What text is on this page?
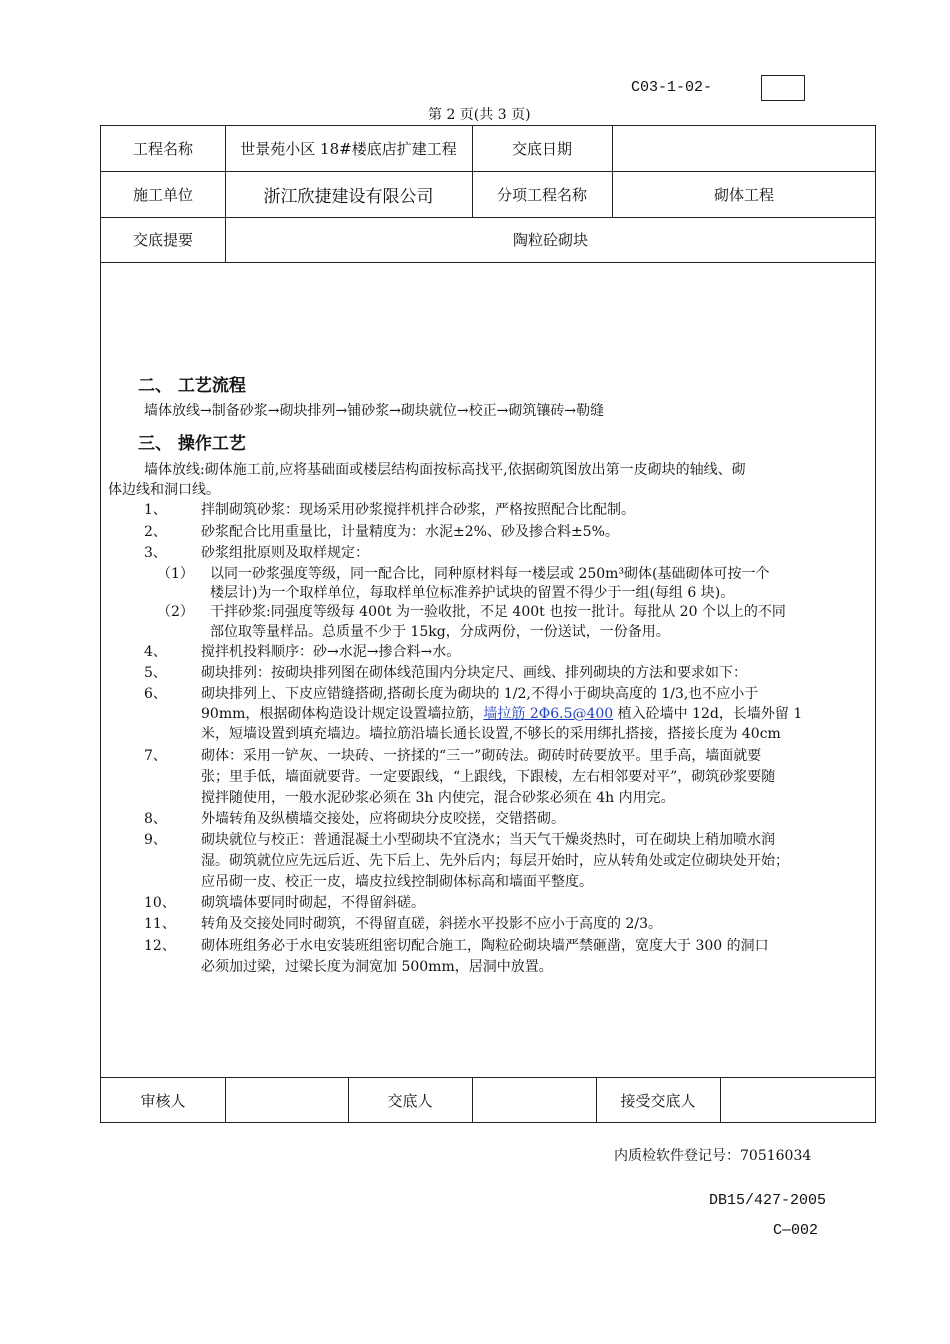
C03-1-02-
第 2 页(共 3 页)
工程名称	世景苑小区 18#楼底店扩建工程	交底日期
施工单位	浙江欣捷建设有限公司	分项工程名称	砌体工程
交底提要	陶粒砼砌块
审核人	交底人	接受交底人
二、 工艺流程
墙体放线→制备砂浆→砌块排列→铺砂浆→砌块就位→校正→砌筑镶砖→勒缝
三、 操作工艺
墙体放线:砌体施工前,应将基础面或楼层结构面按标高找平,依据砌筑图放出第一皮砌块的轴线、砌
体边线和洞口线。
1、 拌制砌筑砂浆：现场采用砂浆搅拌机拌合砂浆，严格按照配合比配制。
2、 砂浆配合比用重量比，计量精度为：水泥±2%、砂及掺合料±5%。
3、 砂浆组批原则及取样规定：
（1） 以同一砂浆强度等级，同一配合比，同种原材料每一楼层或 250m³砌体(基础砌体可按一个
楼层计)为一个取样单位，每取样单位标准养护试块的留置不得少于一组(每组 6 块)。
（2） 干拌砂浆:同强度等级每 400t 为一验收批，不足 400t 也按一批计。每批从 20 个以上的不同
部位取等量样品。总质量不少于 15kg，分成两份，一份送试，一份备用。
4、 搅拌机投料顺序：砂→水泥→掺合料→水。
5、 砌块排列：按砌块排列图在砌体线范围内分块定尺、画线、排列砌块的方法和要求如下：
6、 砌块排列上、下皮应错缝搭砌,搭砌长度为砌块的 1/2,不得小于砌块高度的 1/3,也不应小于
90mm，根据砌体构造设计规定设置墙拉筋，墙拉筋 2Φ6.5@400 植入砼墙中 12d，长墙外留 1
米，短墙设置到填充墙边。墙拉筋沿墙长通长设置,不够长的采用绑扎搭接，搭接长度为 40cm
7、 砌体：采用一铲灰、一块砖、一挤揉的“三一”砌砖法。砌砖时砖要放平。里手高，墙面就要
张；里手低，墙面就要背。一定要跟线，“上跟线，下跟棱，左右相邻要对平”，砌筑砂浆要随
搅拌随使用，一般水泥砂浆必须在 3h 内使完，混合砂浆必须在 4h 内用完。
8、 外墙转角及纵横墙交接处，应将砌块分皮咬搓，交错搭砌。
9、 砌块就位与校正：普通混凝土小型砌块不宜浇水；当天气干燥炎热时，可在砌块上稍加喷水润
湿。砌筑就位应先远后近、先下后上、先外后内；每层开始时，应从转角处或定位砌块处开始；
应吊砌一皮、校正一皮，墙皮拉线控制砌体标高和墙面平整度。
10、 砌筑墙体要同时砌起，不得留斜磋。
11、 转角及交接处同时砌筑，不得留直磋，斜搓水平投影不应小于高度的 2/3。
12、 砌体班组务必于水电安装班组密切配合施工，陶粒砼砌块墙严禁砸凿，宽度大于 300 的洞口
必须加过梁，过梁长度为洞宽加 500mm，居洞中放置。
内质检软件登记号：70516034
DB15/427-2005
C—002
